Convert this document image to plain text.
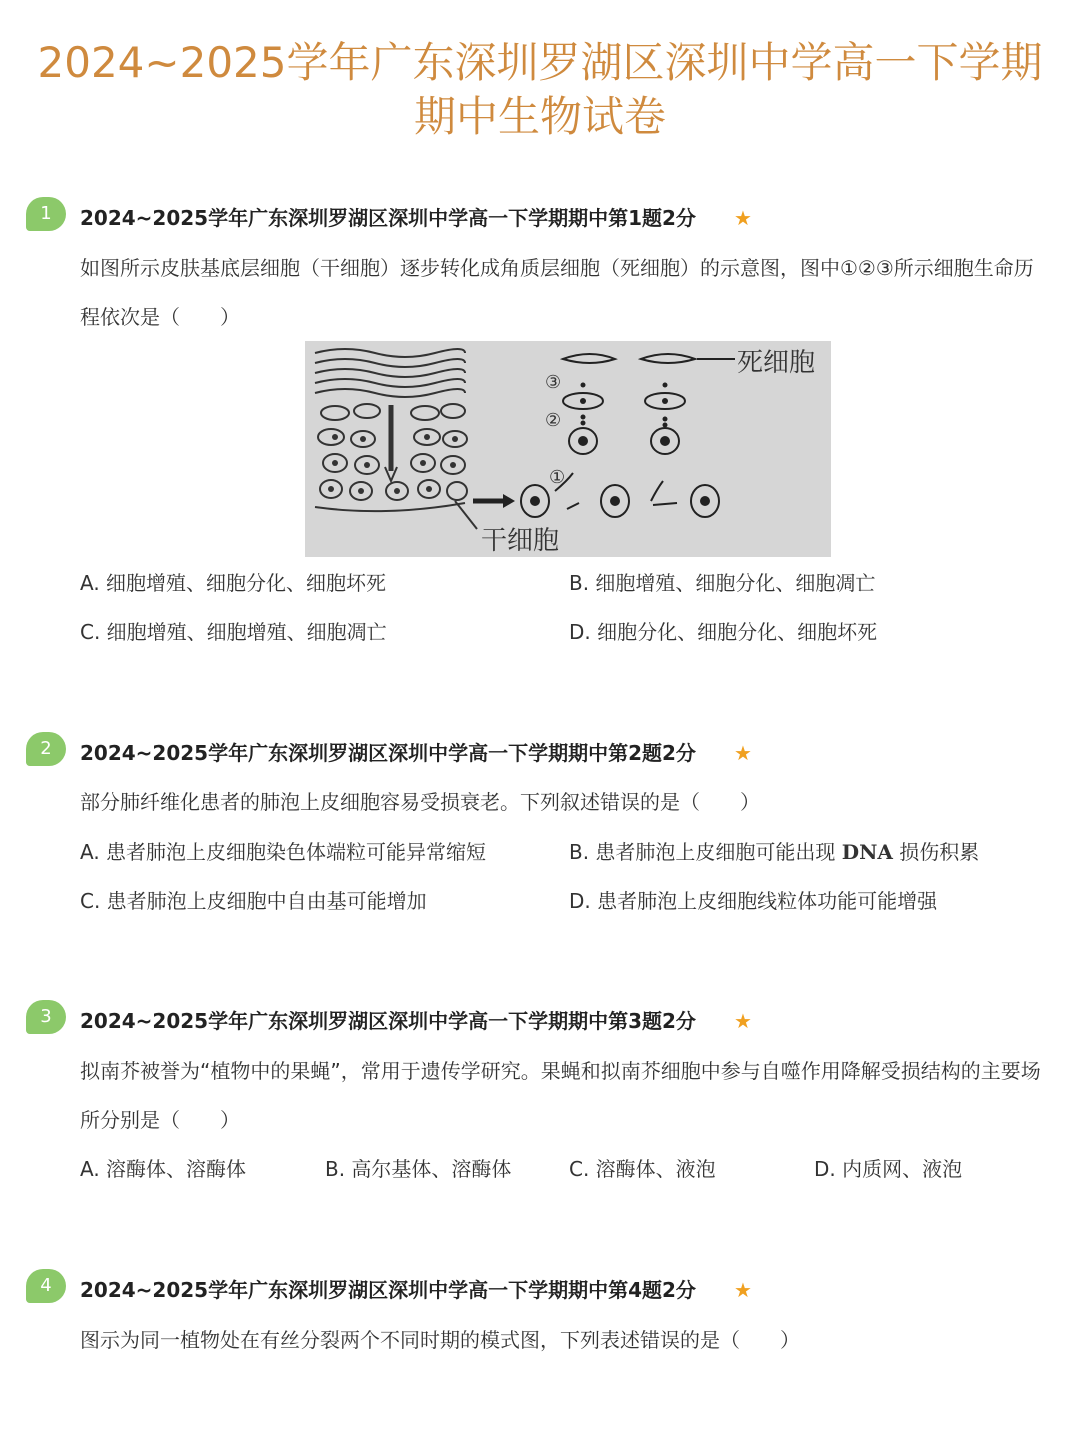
2024~2025学年广东深圳罗湖区深圳中学高一下学期期中生物试卷
1	2024~2025学年广东深圳罗湖区深圳中学高一下学期期中第1题2分 ★
如图所示皮肤基底层细胞（干细胞）逐步转化成角质层细胞（死细胞）的示意图，图中①②③所示细胞生命历程依次是（　　）
③
②
①
死细胞
干细胞
A. 细胞增殖、细胞分化、细胞坏死	B. 细胞增殖、细胞分化、细胞凋亡
C. 细胞增殖、细胞增殖、细胞凋亡	D. 细胞分化、细胞分化、细胞坏死
2	2024~2025学年广东深圳罗湖区深圳中学高一下学期期中第2题2分 ★
部分肺纤维化患者的肺泡上皮细胞容易受损衰老。下列叙述错误的是（　　）
A. 患者肺泡上皮细胞染色体端粒可能异常缩短	B. 患者肺泡上皮细胞可能出现 DNA 损伤积累
C. 患者肺泡上皮细胞中自由基可能增加	D. 患者肺泡上皮细胞线粒体功能可能增强
3	2024~2025学年广东深圳罗湖区深圳中学高一下学期期中第3题2分 ★
拟南芥被誉为“植物中的果蝇”，常用于遗传学研究。果蝇和拟南芥细胞中参与自噬作用降解受损结构的主要场所分别是（　　）
A. 溶酶体、溶酶体	B. 高尔基体、溶酶体	C. 溶酶体、液泡	D. 内质网、液泡
4	2024~2025学年广东深圳罗湖区深圳中学高一下学期期中第4题2分 ★
图示为同一植物处在有丝分裂两个不同时期的模式图，下列表述错误的是（　　）
